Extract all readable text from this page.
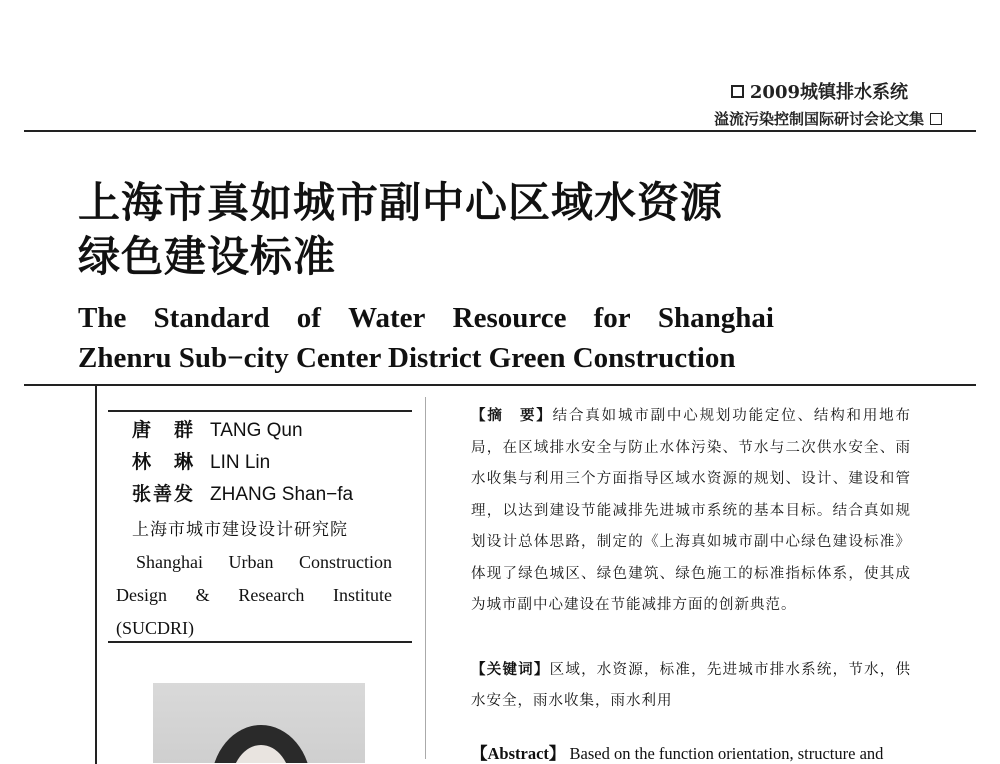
2009城镇排水系统
溢流污染控制国际研讨会论文集
上海市真如城市副中心区域水资源
绿色建设标准
The Standard of Water Resource for Shanghai
Zhenru Sub−city Center District Green Construction
唐　群 TANG Qun
林　琳 LIN Lin
张善发 ZHANG Shan−fa
上海市城市建设设计研究院
Shanghai Urban Construction
Design & Research Institute
(SUCDRI)

【摘　要】结合真如城市副中心规划功能定位、结构和用地布局，在区域排水安全与防止水体污染、节水与二次供水安全、雨水收集与利用三个方面指导区域水资源的规划、设计、建设和管理，以达到建设节能减排先进城市系统的基本目标。结合真如规划设计总体思路，制定的《上海真如城市副中心绿色建设标准》体现了绿色城区、绿色建筑、绿色施工的标准指标体系，使其成为城市副中心建设在节能减排方面的创新典范。

【关键词】区域，水资源，标准，先进城市排水系统，节水，供水安全，雨水收集，雨水利用

【Abstract】 Based on the function orientation, structure and
